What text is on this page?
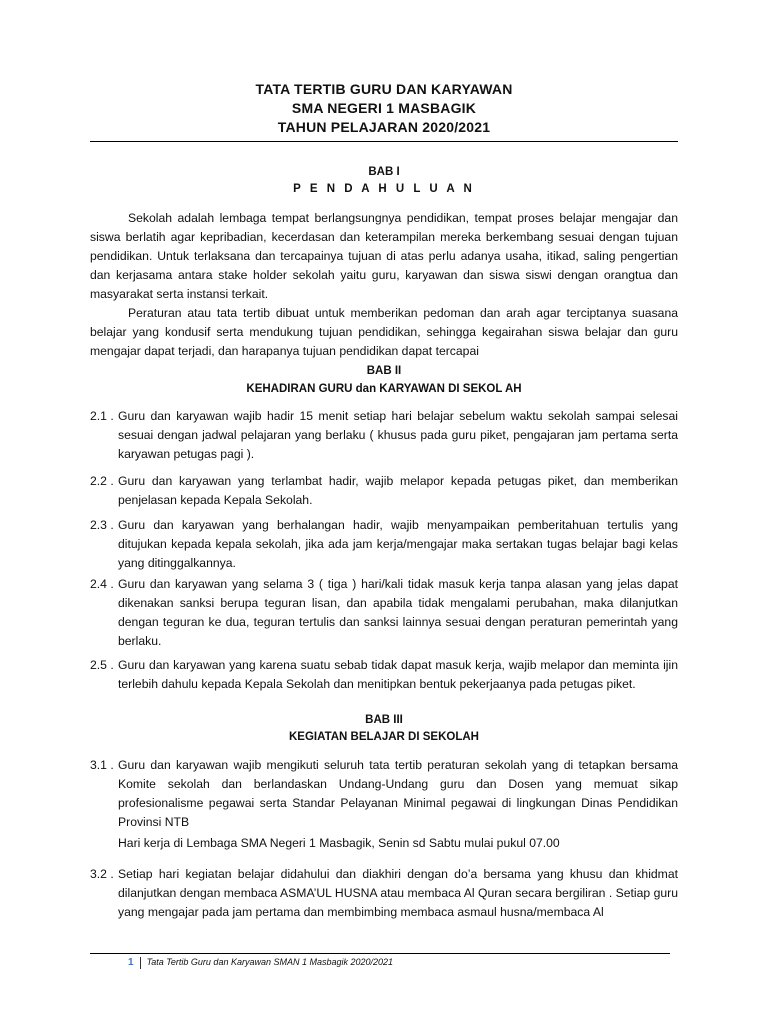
TATA TERTIB GURU DAN KARYAWAN
SMA NEGERI 1 MASBAGIK
TAHUN PELAJARAN 2020/2021
BAB I
P E N D A H U L U A N

Sekolah adalah lembaga tempat berlangsungnya pendidikan, tempat proses belajar mengajar dan siswa berlatih agar kepribadian, kecerdasan dan keterampilan mereka berkembang sesuai dengan tujuan pendidikan. Untuk terlaksana dan tercapainya tujuan di atas perlu adanya usaha, itikad, saling pengertian dan kerjasama antara stake holder sekolah yaitu guru, karyawan dan siswa siswi dengan orangtua dan masyarakat serta instansi terkait.

Peraturan atau tata tertib dibuat untuk memberikan pedoman dan arah agar terciptanya suasana belajar yang kondusif serta mendukung tujuan pendidikan, sehingga kegairahan siswa belajar dan guru mengajar dapat terjadi, dan harapanya tujuan pendidikan dapat tercapai

BAB II
KEHADIRAN GURU dan KARYAWAN DI SEKOL AH

2.1 . Guru dan karyawan wajib hadir 15 menit setiap hari belajar sebelum waktu sekolah sampai selesai sesuai dengan jadwal pelajaran yang berlaku ( khusus pada guru piket, pengajaran jam pertama serta karyawan petugas pagi ).

2.2 . Guru dan karyawan yang terlambat hadir, wajib melapor kepada petugas piket, dan memberikan penjelasan kepada Kepala Sekolah.

2.3 . Guru dan karyawan yang berhalangan hadir, wajib menyampaikan pemberitahuan tertulis yang ditujukan kepada kepala sekolah, jika ada jam kerja/mengajar maka sertakan tugas belajar bagi kelas yang ditinggalkannya.

2.4 . Guru dan karyawan yang selama 3 ( tiga ) hari/kali tidak masuk kerja tanpa alasan yang jelas dapat dikenakan sanksi berupa teguran lisan, dan apabila tidak mengalami perubahan, maka dilanjutkan dengan teguran ke dua, teguran tertulis dan sanksi lainnya sesuai dengan peraturan pemerintah yang berlaku.

2.5 . Guru dan karyawan yang karena suatu sebab tidak dapat masuk kerja, wajib melapor dan meminta ijin terlebih dahulu kepada Kepala Sekolah dan menitipkan bentuk pekerjaanya pada petugas piket.

BAB III
KEGIATAN BELAJAR DI SEKOLAH

3.1 . Guru dan karyawan wajib mengikuti seluruh tata tertib peraturan sekolah yang di tetapkan bersama Komite sekolah dan berlandaskan Undang-Undang guru dan Dosen yang memuat sikap profesionalisme pegawai serta Standar Pelayanan Minimal pegawai di lingkungan Dinas Pendidikan Provinsi NTB

Hari kerja di Lembaga SMA Negeri 1 Masbagik, Senin sd Sabtu mulai pukul 07.00

3.2 . Setiap hari kegiatan belajar didahului dan diakhiri dengan do’a bersama yang khusu dan khidmat dilanjutkan dengan membaca ASMA’UL HUSNA atau membaca Al Quran secara bergiliran . Setiap guru yang mengajar pada jam pertama dan membimbing membaca asmaul husna/membaca Al

1 Tata Tertib Guru dan Karyawan SMAN 1 Masbagik 2020/2021
